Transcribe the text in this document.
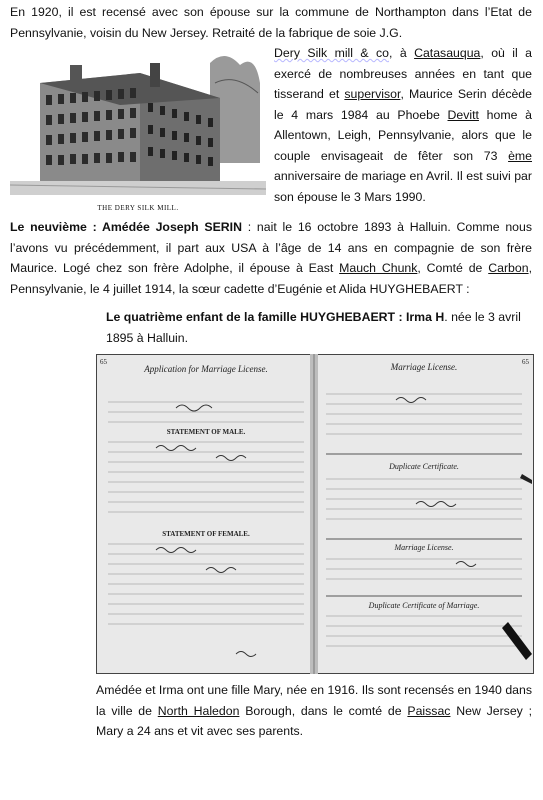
En 1920, il est recensé avec son épouse sur la commune de Northampton dans l’Etat de Pennsylvanie, voisin du New Jersey. Retraité de la fabrique de soie J.G.
THE DERY SILK MILL.
Dery Silk mill & co, à Catasauqua, où il a exercé de nombreuses années en tant que tisserand et supervisor, Maurice Serin décède le 4 mars 1984 au Phoebe Devitt home à Allentown, Leigh, Pennsylvanie, alors que le couple envisageait de fêter son 73 ème anniversaire de mariage en Avril. Il est suivi par son épouse le 3 Mars 1990.
Le neuvième : Amédée Joseph SERIN : nait le 16 octobre 1893 à Halluin. Comme nous l’avons vu précédemment, il part aux USA à l’âge de 14 ans en compagnie de son frère Maurice. Logé chez son frère Adolphe, il épouse à East Mauch Chunk, Comté de Carbon, Pennsylvanie, le 4 juillet 1914, la sœur cadette d’Eugénie et Alida HUYGHEBAERT :
Le quatrième enfant de la famille HUYGHEBAERT : Irma H. née le 3 avril 1895 à Halluin.
65	65
Application for Marriage License.	Marriage License.
STATEMENT OF MALE.
STATEMENT OF FEMALE.
Duplicate Certificate.
Marriage License.
Duplicate Certificate of Marriage.
Amédée et Irma ont une fille Mary, née en 1916. Ils sont recensés en 1940 dans la ville de North Haledon Borough, dans le comté de Paissac New Jersey ; Mary a 24 ans et vit avec ses parents.
